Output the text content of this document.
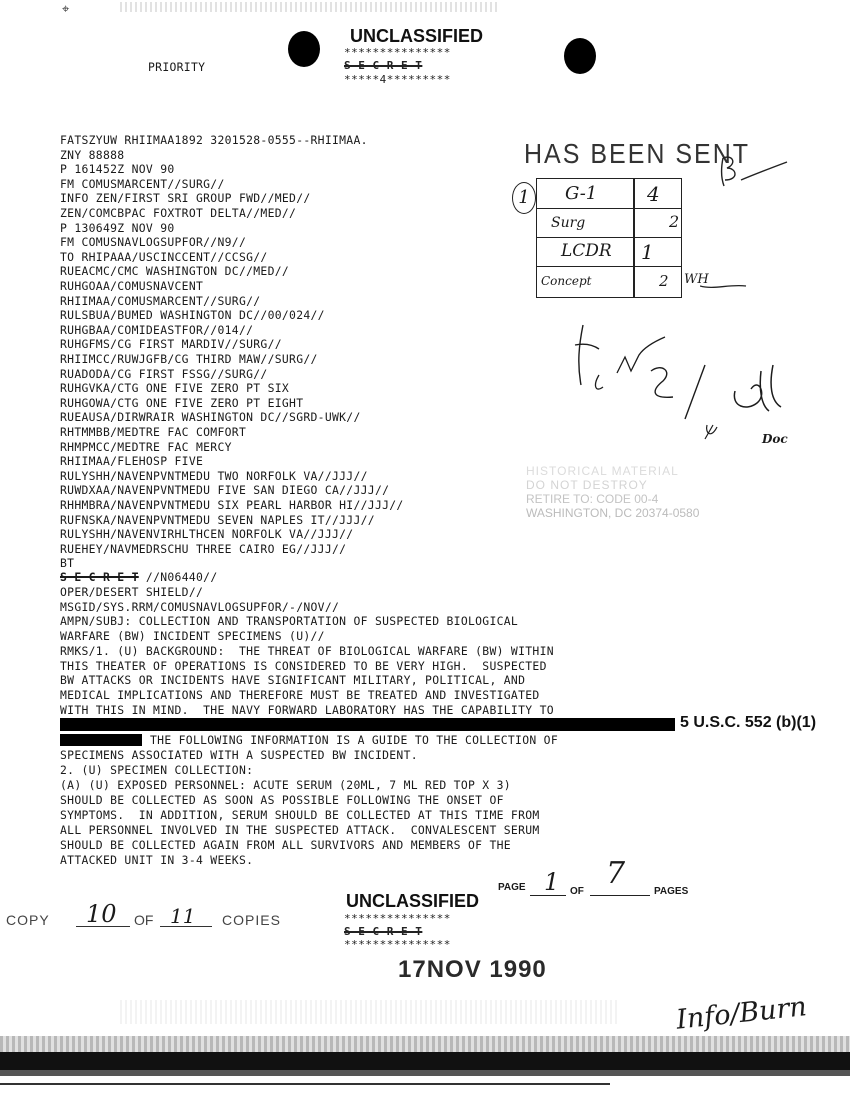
⌖
UNCLASSIFIED
***************
S E C R E T
*****4*********
PRIORITY
HAS BEEN SENT
1	G-1 4
Surg	2
LCDR 1
Concept	2 WH
Doc
HISTORICAL MATERIAL
DO NOT DESTROY
RETIRE TO: CODE 00-4
WASHINGTON, DC 20374-0580
FATSZYUW RHIIMAA1892 3201528-0555--RHIIMAA.
ZNY 88888
P 161452Z NOV 90
FM COMUSMARCENT//SURG//
INFO ZEN/FIRST SRI GROUP FWD//MED//
ZEN/COMCBPAC FOXTROT DELTA//MED//
P 130649Z NOV 90
FM COMUSNAVLOGSUPFOR//N9//
TO RHIPAAA/USCINCCENT//CCSG//
RUEACMC/CMC WASHINGTON DC//MED//
RUHGOAA/COMUSNAVCENT
RHIIMAA/COMUSMARCENT//SURG//
RULSBUA/BUMED WASHINGTON DC//00/024//
RUHGBAA/COMIDEASTFOR//014//
RUHGFMS/CG FIRST MARDIV//SURG//
RHIIMCC/RUWJGFB/CG THIRD MAW//SURG//
RUADODA/CG FIRST FSSG//SURG//
RUHGVKA/CTG ONE FIVE ZERO PT SIX
RUHGOWA/CTG ONE FIVE ZERO PT EIGHT
RUEAUSA/DIRWRAIR WASHINGTON DC//SGRD-UWK//
RHTMMBB/MEDTRE FAC COMFORT
RHMPMCC/MEDTRE FAC MERCY
RHIIMAA/FLEHOSP FIVE
RULYSHH/NAVENPVNTMEDU TWO NORFOLK VA//JJJ//
RUWDXAA/NAVENPVNTMEDU FIVE SAN DIEGO CA//JJJ//
RHHMBRA/NAVENPVNTMEDU SIX PEARL HARBOR HI//JJJ//
RUFNSKA/NAVENPVNTMEDU SEVEN NAPLES IT//JJJ//
RULYSHH/NAVENVIRHLTHCEN NORFOLK VA//JJJ//
RUEHEY/NAVMEDRSCHU THREE CAIRO EG//JJJ//
BT
S E C R E T //N06440//
OPER/DESERT SHIELD//
MSGID/SYS.RRM/COMUSNAVLOGSUPFOR/-/NOV//
AMPN/SUBJ: COLLECTION AND TRANSPORTATION OF SUSPECTED BIOLOGICAL
WARFARE (BW) INCIDENT SPECIMENS (U)//
RMKS/1. (U) BACKGROUND:  THE THREAT OF BIOLOGICAL WARFARE (BW) WITHIN
THIS THEATER OF OPERATIONS IS CONSIDERED TO BE VERY HIGH.  SUSPECTED
BW ATTACKS OR INCIDENTS HAVE SIGNIFICANT MILITARY, POLITICAL, AND
MEDICAL IMPLICATIONS AND THEREFORE MUST BE TREATED AND INVESTIGATED
WITH THIS IN MIND.  THE NAVY FORWARD LABORATORY HAS THE CAPABILITY TO
5 U.S.C. 552 (b)(1)
THE FOLLOWING INFORMATION IS A GUIDE TO THE COLLECTION OF
SPECIMENS ASSOCIATED WITH A SUSPECTED BW INCIDENT.
2. (U) SPECIMEN COLLECTION:
(A) (U) EXPOSED PERSONNEL: ACUTE SERUM (20ML, 7 ML RED TOP X 3)
SHOULD BE COLLECTED AS SOON AS POSSIBLE FOLLOWING THE ONSET OF
SYMPTOMS.  IN ADDITION, SERUM SHOULD BE COLLECTED AT THIS TIME FROM
ALL PERSONNEL INVOLVED IN THE SUSPECTED ATTACK.  CONVALESCENT SERUM
SHOULD BE COLLECTED AGAIN FROM ALL SURVIVORS AND MEMBERS OF THE
ATTACKED UNIT IN 3-4 WEEKS.
UNCLASSIFIED
***************
S E C R E T
***************
PAGE 1 OF
7
PAGES
COPY 10 OF 11 COPIES
17NOV 1990
Info/Burn
